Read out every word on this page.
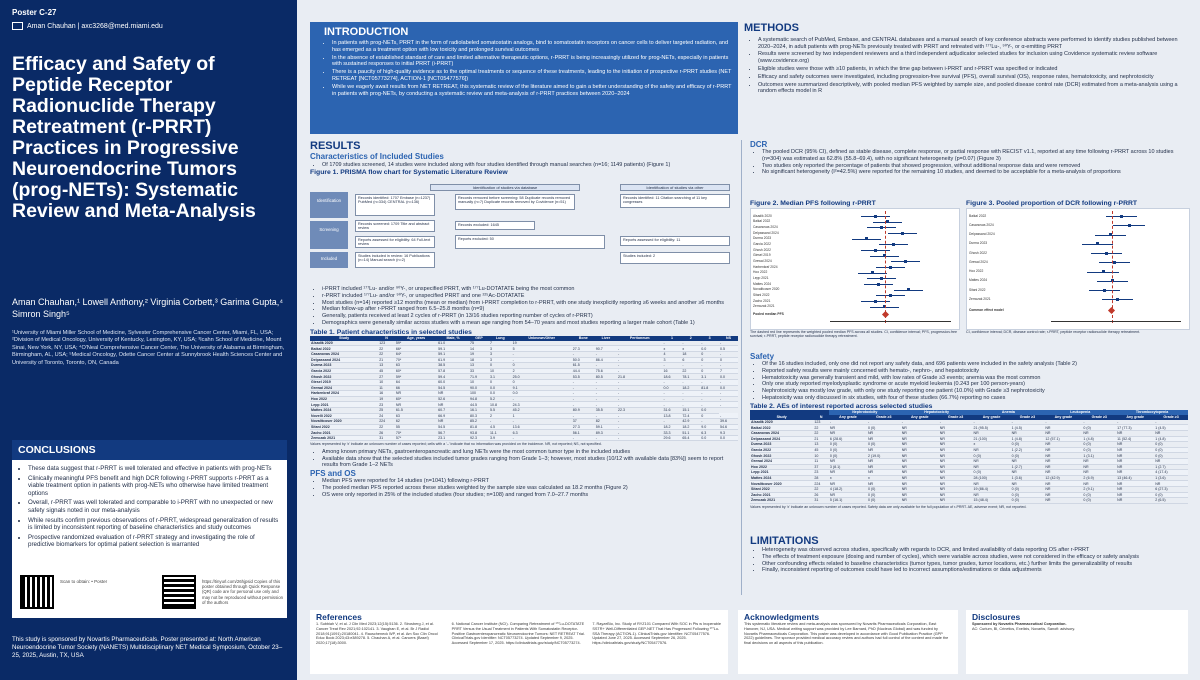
Poster C-27
Aman Chauhan | axc3268@med.miami.edu
Efficacy and Safety of Peptide Receptor Radionuclide Therapy Retreatment (r-PRRT) Practices in Progressive Neuroendocrine Tumors (prog-NETs): Systematic Review and Meta-Analysis
Aman Chauhan,¹ Lowell Anthony,² Virginia Corbett,³ Garima Gupta,⁴ Simron Singh⁵
¹University of Miami Miller School of Medicine, Sylvester Comprehensive Cancer Center, Miami, FL, USA; ²Division of Medical Oncology, University of Kentucky, Lexington, KY, USA; ³Icahn School of Medicine, Mount Sinai, New York, NY, USA; ⁴O'Neal Comprehensive Cancer Center, The University of Alabama at Birmingham, Birmingham, AL, USA; ⁵Medical Oncology, Odette Cancer Center at Sunnybrook Health Sciences Center and University of Toronto, Toronto, ON, Canada
CONCLUSIONS
• These data suggest that r-PRRT is well tolerated and effective in patients with prog-NETs
• Clinically meaningful PFS benefit and high DCR following r-PRRT supports r-PRRT as a viable treatment option in patients with prog-NETs who otherwise have limited treatment options
• Overall, r-PRRT was well tolerated and comparable to i-PRRT with no unexpected or new safety signals noted in our meta-analysis
• While results confirm previous observations of r-PRRT, widespread generalization of results is limited by inconsistent reporting of baseline characteristics and study outcomes
• Prospective randomized evaluation of r-PRRT strategy and investigating the role of predictive biomarkers for optimal patient selection is warranted
Scan to obtain: • Poster	https://tinyurl.com/26hjpsid Copies of this poster obtained through Quick Response (QR) code are for personal use only and may not be reproduced without permission of the authors
This study is sponsored by Novartis Pharmaceuticals. Poster presented at: North American Neuroendocrine Tumor Society (NANETS) Multidisciplinary NET Medical Symposium, October 23–25, 2025, Austin, TX, USA
INTRODUCTION
• In patients with prog-NETs, PRRT in the form of radiolabeled somatostatin analogs, bind to somatostatin receptors on cancer cells to deliver targeted radiation, and has emerged as a treatment option with low toxicity and prolonged survival outcomes
• In the absence of established standard of care and limited alternative therapeutic options, r-PRRT is being increasingly utilized for prog-NETs, especially in patients with sustained responses to initial PRRT (i-PRRT)
• There is a paucity of high-quality evidence as to the optimal treatments or sequence of these treatments, leading to the initiation of prospective r-PRRT studies (NET RETREAT [NCT05773274], ACTION-1 [NCT05477576])
• While we eagerly await results from NET RETREAT, this systematic review of the literature aimed to gain a better understanding of the safety and efficacy of r-PRRT in patients with prog-NETs, by conducting a systematic review and meta-analysis of r-PRRT practices between 2020–2024
METHODS
• A systematic search of PubMed, Embase, and CENTRAL databases and a manual search of key conference abstracts were performed to identify studies published between 2020–2024, in adult patients with prog-NETs previously treated with PRRT and retreated with ¹⁷⁷Lu-, ⁹⁰Y-, or α-emitting PRRT
• Results were screened by two independent reviewers and a third independent adjudicator selected studies for inclusion using Covidence systematic review software (www.covidence.org)
• Eligible studies were those with ≥10 patients, in which the time gap between i-PRRT and r-PRRT was specified or indicated
• Efficacy and safety outcomes were investigated, including progression-free survival (PFS), overall survival (OS), response rates, hematotoxicity, and nephrotoxicity
• Outcomes were summarized descriptively, with pooled median PFS weighted by sample size, and pooled disease control rate (DCR) estimated from a meta-analysis using a random effects model in R
RESULTS
Characteristics of Included Studies
• Of 1709 studies screened, 14 studies were included along with four studies identified through manual searches (n=16; 1149 patients) (Figure 1)
Figure 1. PRISMA flow chart for Systematic Literature Review
Identification
Screening
Included
Identification of studies via database	Identification of studies via other
Records identified: 1707 Embase (n=1237) PubMed (n=334) CENTRAL (n=136)
Records removed before screening: 58 Duplicate records removed manually (n=7) Duplicate records removed by Covidence (n=51)
Records identified: 11 Citation searching of 11 key congresses
Records screened: 1709 Title and abstract review
Records excluded: 1645
Reports assessed for eligibility: 64 Full-text review
Reports excluded: 50	Reports assessed for eligibility: 11
Studies included in review: 16 Publications (n=14) Manual search (n=2)
Studies included: 2
• i-PRRT included ¹⁷⁷Lu- and/or ⁹⁰Y-, or unspecified PRRT, with ¹⁷⁷Lu-DOTATATE being the most common
• r-PRRT included ¹⁷⁷Lu- and/or ⁹⁰Y-, or unspecified PRRT and one ²²⁵Ac-DOTATATE
• Most studies (n=14) reported ≥12 months (mean or median) from i-PRRT completion to r-PRRT, with one study inexplicitly reporting ≥6 weeks and another ≥6 months
• Median follow-up after r-PRRT ranged from 6.5–25.8 months (n=9)
• Generally, patients received at least 2 cycles of r-PRRT (in 13/16 studies reporting number of cycles of r-PRRT)
• Demographics were generally similar across studies with a mean age ranging from 54–70 years and most studies reporting a larger male cohort (Table 1)
Table 1. Patient characteristics in selected studies
Study	N	Age, years	Male, %	GEP	Lung	Unknown/Other	Bone	Liver	Peritoneum	1	2	3	NS
Alsadik 2020	123	59*	61.0	75	7	19				-	-	-	-
Baikal 2022	22	66*	59.1	14	3	5	27.3	90.7	-	x	x	0.0	0.5
Casanovas 2024	22	64*	59.1	19	3	-	-	-	-	4	18	0	-
Delpassand 2024	21	70*	61.9	18	3	-	50.0	86.4	-	3	6	0	0
Durma 2023	13	63	38.5	13	0	0	61.5	-	-	-	-	-	-
Garcia 2022	45	60*	57.8	33	10	2	44.4	75.6	-	16	22	0	7
Ghosh 2022	27	59*	59.4	71.9	3.1	25.0	53.5	80.5	21.8	18.6	78.1	3.1	0.0
Giesel 2019	10	64	60.0	10	0	0	-	-	-	-	-	-	-
Grewal 2024	11	66	54.5	90.0	0.0	9.1	-	-	-	0.0	18.2	81.8	0.0
Harbenkraf 2024	16	NR	NR	100	0.0	0.0	-	-	-	-	-	-	-
Hoo 2022	19	60*	52.6	94.8	5.2	-	-	-	-	-	-	-	-
Lepp 2021	23	NR	NR	44.5	10.8	24.3	-	-	-	-	-	-	-
Mattes 2024	25	61.5	60.7	16.1	5.5	45.2	80.9	35.5	22.3	31.6	15.1	0.0	
Novelli 2022	24	63	66.9	80.3	2	1	-	-	-	13.8	72.4	0	-
Novalitcoser 2020	224	62	NR	85.2	-	-	37	82	-	-	42.9	-	39.6
Sitani 2022	22	55	54.5	81.8	4.5	13.6	27.3	59.1	-	18.2	18.2	9.0	54.6
Zacho 2021	26	70*	56.7	93.8	11.1	6.3	56.1	89.3	-	33.3	51.1	6.3	9.3
Zemczak 2021	31	57*	23.1	92.3	3.9	-	-	-	-	29.6	65.4	0.0	0.0
Values represented by 'x' indicate an unknown number of cases reported; cells with a '–' indicate that no information was provided on the incidence. NR, not reported; NS, not specified.
• Among known primary NETs, gastroenteropancreatic and lung NETs were the most common tumor type in the included studies
• Available data show that the selected studies included tumor grades ranging from Grade 1–3; however, most studies (10/12 with available data [83%]) seem to report results from Grade 1–2 NETs
PFS and OS
• Median PFS were reported for 14 studies (n=1041) following r-PRRT
• The pooled median PFS reported across these studies weighted by the sample size was calculated as 18.2 months (Figure 2)
• OS were only reported in 25% of the included studies (four studies; n=108) and ranged from 7.0–27.7 months
DCR
• The pooled DCR (95% CI), defined as stable disease, complete response, or partial response with RECIST v1.1, reported at any time following r-PRRT across 10 studies (n=304) was estimated as 62.8% (55.8–69.4), with no significant heterogeneity (p=0.07) (Figure 3)
• Two studies only reported the percentage of patients that showed progression, without additional response data and were removed
• No significant heterogeneity (I²=42.5%) were reported for the remaining 10 studies, and deemed to be acceptable for a meta-analysis of proportions
Figure 2. Median PFS following r-PRRT
Alsadik 2020
Baikal 2022
Casanovas 2024
Delpassand 2024
Durma 2023
Garcia 2022
Ghosh 2022
Giesel 2019
Grewal 2024
Harbenkraf 2024
Hoo 2022
Lepp 2021
Mattes 2024
Novalitcoser 2020
Sitani 2022
Zacho 2021
Zemczak 2021
Pooled median PFS
The dashed red line represents the weighted pooled median PFS across all studies. CI, confidence interval; PFS, progression-free survival; r-PRRT, peptide receptor radionuclide therapy retreatment.
Figure 3. Pooled proportion of DCR following r-PRRT
Baikal 2022
Casanovas 2024
Delpassand 2024
Durma 2023
Ghosh 2022
Grewal 2024
Hoo 2022
Mattes 2024
Sitani 2022
Zemczak 2021
Common effect model
CI, confidence interval; DCR, disease control rate; r-PRRT, peptide receptor radionuclide therapy retreatment.
Safety
• Of the 16 studies included, only one did not report any safety data, and 696 patients were included in the safety analysis (Table 2)
• Reported safety results were mainly concerned with hemato-, nephro-, and hepatotoxicity
• Hematotoxicity was generally transient and mild, with low rates of Grade ≥3 events; anemia was the most common
• Only one study reported myelodysplastic syndrome or acute myeloid leukemia (0.243 per 100 person-years)
• Nephrotoxicity was mostly low grade, with only one study reporting one patient (10.0%) with Grade ≥3 nephrotoxicity
• Hepatoxicity was only discussed in six studies, with four of these studies (66.7%) reporting no cases
Table 2. AEs of interest reported across selected studies
		Nephrotoxicity		Hepatotoxicity		Anemia		Leukopenia		Thrombocytopenia	
Study	N	Any grade	Grade ≥3	Any grade	Grade ≥3	Any grade	Grade ≥3	Any grade	Grade ≥3	Any grade	Grade ≥3
Alsadik 2020	123	-	-	-	-	-	-	-	-	-	-
Baikal 2022	22	NR	0 (0)	NR	NR	21 (95.5)	1 (4.5)	NR	0 (0)	17 (77.3)	1 (4.5)
Casanovas 2024	22	NR	NR	NR	NR	NR	NR	NR	NR	NR	NR
Delpassand 2024	21	6 (28.6)	NR	NR	NR	21 (100)	1 (4.8)	12 (57.1)	1 (4.8)	11 (52.4)	1 (4.8)
Durma 2023	13	0 (0)	0 (0)	NR	NR	x	0 (0)	NR	0 (0)	NR	0 (0)
Garcia 2022	45	0 (0)	NR	NR	NR	NR	1 (2.2)	NR	0 (0)	NR	0 (0)
Ghosh 2022	10	0 (0)	2 (19.0)	NR	NR	0 (0)	0 (0)	NR	1 (3.1)	NR	0 (0)
Grewal 2024	11	NR	NR	NR	NR	NR	NR	NR	NR	NR	NR
Hoo 2022	37	3 (8.1)	NR	NR	NR	NR	1 (2.7)	NR	NR	NR	1 (2.7)
Lepp 2021	23	NR	NR	NR	NR	0 (0)	NR	NR	NR	NR	4 (17.4)
Mattes 2024	28	x	x	NR	NR	28 (100)	1 (3.6)	12 (42.9)	2 (6.9)	13 (46.4)	1 (3.6)
Novalitcoser 2020	224	NR	NR	NR	NR	NR	NR	NR	NR	NR	NR
Sitani 2022	22	4 (18.2)	0 (0)	NR	NR	19 (86.4)	0 (0)	NR	2 (9.1)	NR	6 (27.3)
Zacho 2021	26	NR	0 (0)	NR	NR	NR	0 (0)	NR	0 (0)	NR	0 (0)
Zemczak 2021	31	5 (16.1)	0 (0)	NR	NR	15 (48.4)	0 (0)	NR	0 (0)	NR	2 (6.5)
Values represented by 'x' indicate an unknown number of cases reported. Safety data are only available for the full population of r-PRRT. AE, adverse event; NR, not reported.
LIMITATIONS
• Heterogeneity was observed across studies, specifically with regards to DCR, and limited availability of data reporting OS after r-PRRT
• The effects of treatment exposure (dosing and number of cycles), which were variable across studies, were not considered in the efficacy or safety analysis
• Other confounding effects related to baseline characteristics (tumor types, tumor grades, tumor locations, etc.) further limits the generalizability of results
• Finally, inconsistent reporting of outcomes could have led to incorrect assumptions/estimations or data adjustments
References
1. Subbiah V, et al. J Clin Med 2023;12(15):5136. 2. Strosberg J, et al. Cancer Treat Rev 2021;92:102141. 3. Vaughan E, et al. Br J Radiol 2018;91(1091):20180041. 4. Rauscheneck WP, et al. Am Soc Clin Oncol Educ Book 2023;43:e389278. 5. Chauhan A, et al. Cancers (Basel) 2020;17(18):3000.
6. National Cancer Institute (NCI). Comparing Retreatment of ¹⁷⁷Lu-DOTATATE PRRT Versus the Usual Treatment in Patients With Somatostatin Receptor-Positive Gastroenteropancreatic Neuroendocrine Tumors: NET RETREAT Trial. ClinicalTrials.gov Identifier: NCT05773274. Updated September 9, 2025. Accessed September 17, 2025. https://clinicaltrials.gov/study/NCT05773274.
7. RayzeBio, Inc. Study of RYZ101 Compared With SOC in Pts w Inoperable SSTR+ Well-Differentiated GEP-NET That Has Progressed Following ¹⁷⁷Lu-SSA Therapy (ACTION-1). ClinicalTrials.gov Identifier: NCT05477576. Updated June 27, 2025. Accessed September 26, 2025. https://clinicaltrials.gov/study/NCT05477576.
Acknowledgments
This systematic literature review and meta-analysis was sponsored by Novartis Pharmaceuticals Corporation, East Hanover, NJ, USA. Medical writing support was provided by Lee Barnard, PhD (Nucleus Global) and was funded by Novartis Pharmaceuticals Corporation. This poster was developed in accordance with Good Publication Practice (GPP 2022) guidelines. The sponsor provided medical accuracy review and authors had full control of the content and made the final decisions on all aspects of this publication.
Disclosures
Sponsored by Novartis Pharmaceutical Corporation.
AC: Curium, BI, Crinetics, Exelixis, Novartis, Sanofi: advisory.
